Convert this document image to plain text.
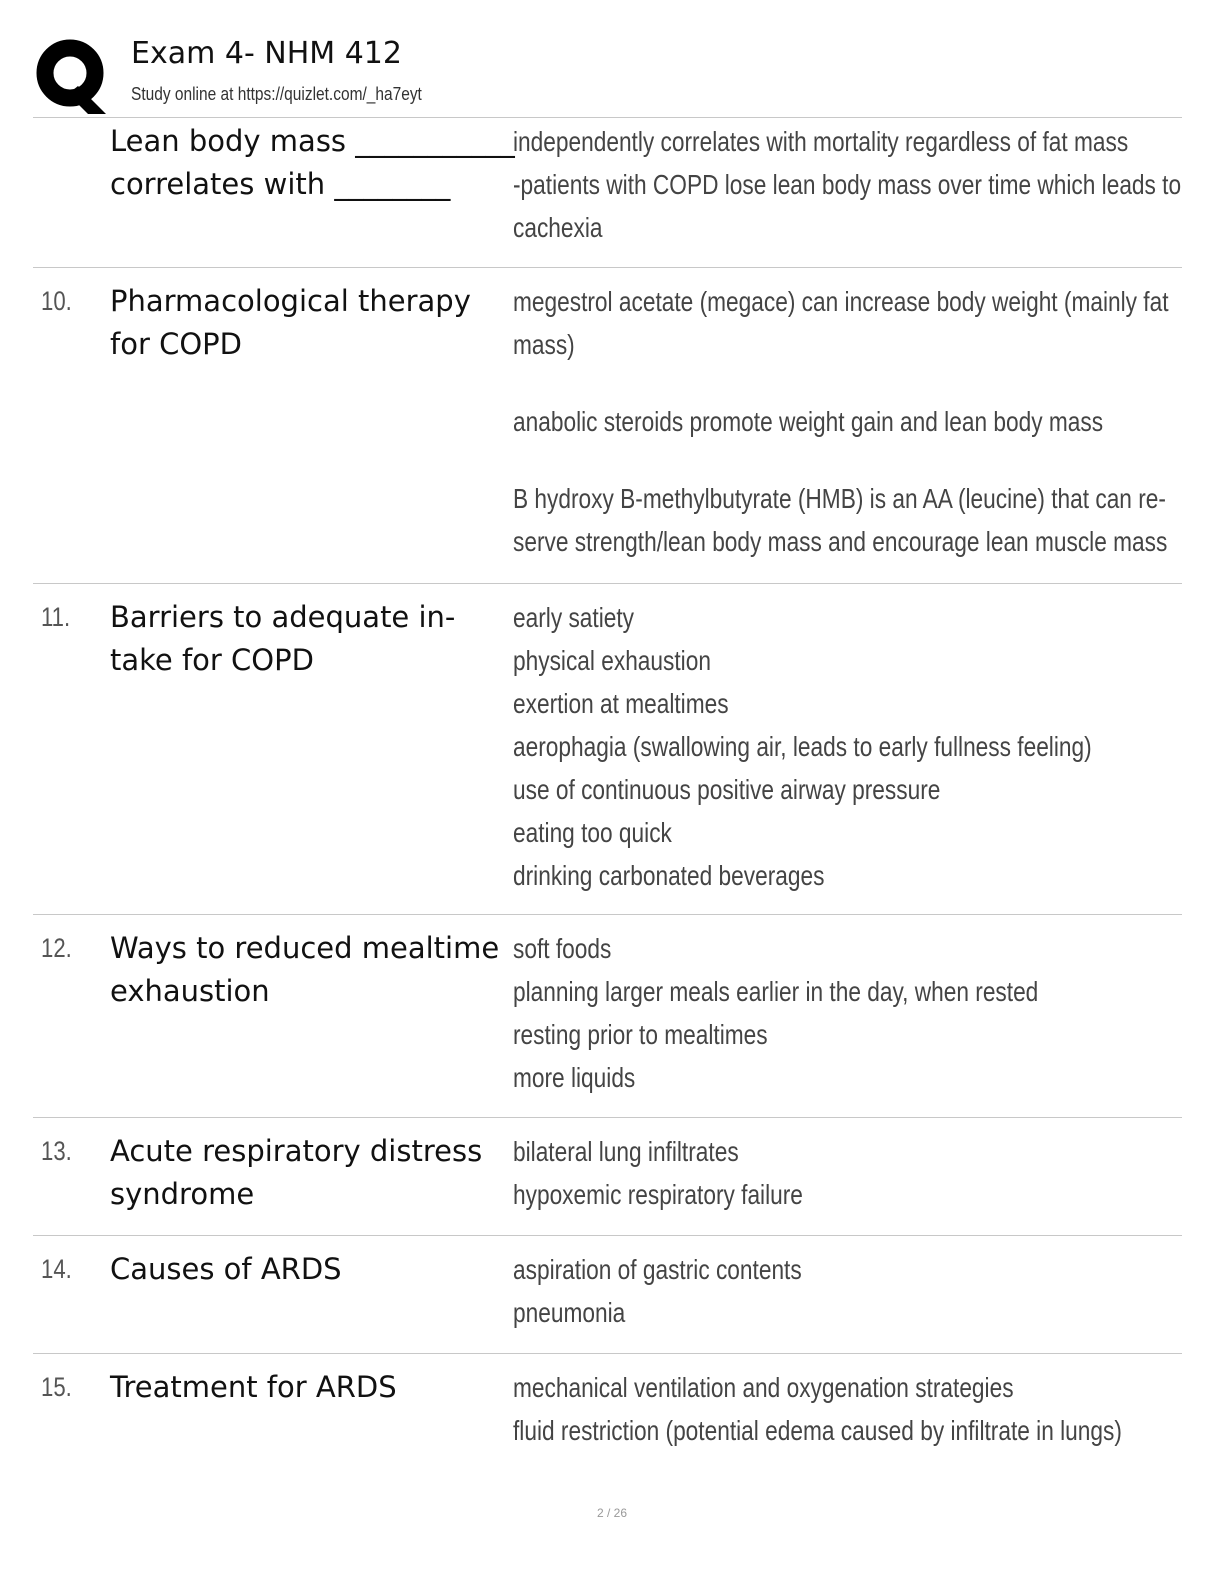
Exam 4- NHM 412
Study online at https://quizlet.com/_ha7eyt
Lean body mass ___________
correlates with ________
independently correlates with mortality regardless of fat mass
-patients with COPD lose lean body mass over time which leads to
cachexia
10. Pharmacological therapy
for COPD
megestrol acetate (megace) can increase body weight (mainly fat
mass)
anabolic steroids promote weight gain and lean body mass
B hydroxy B-methylbutyrate (HMB) is an AA (leucine) that can re-
serve strength/lean body mass and encourage lean muscle mass
11. Barriers to adequate in-
take for COPD
early satiety
physical exhaustion
exertion at mealtimes
aerophagia (swallowing air, leads to early fullness feeling)
use of continuous positive airway pressure
eating too quick
drinking carbonated beverages
12. Ways to reduced mealtime
exhaustion
soft foods
planning larger meals earlier in the day, when rested
resting prior to mealtimes
more liquids
13. Acute respiratory distress
syndrome
bilateral lung infiltrates
hypoxemic respiratory failure
14. Causes of ARDS	aspiration of gastric contents
pneumonia
15. Treatment for ARDS	mechanical ventilation and oxygenation strategies
fluid restriction (potential edema caused by infiltrate in lungs)
2 / 26
